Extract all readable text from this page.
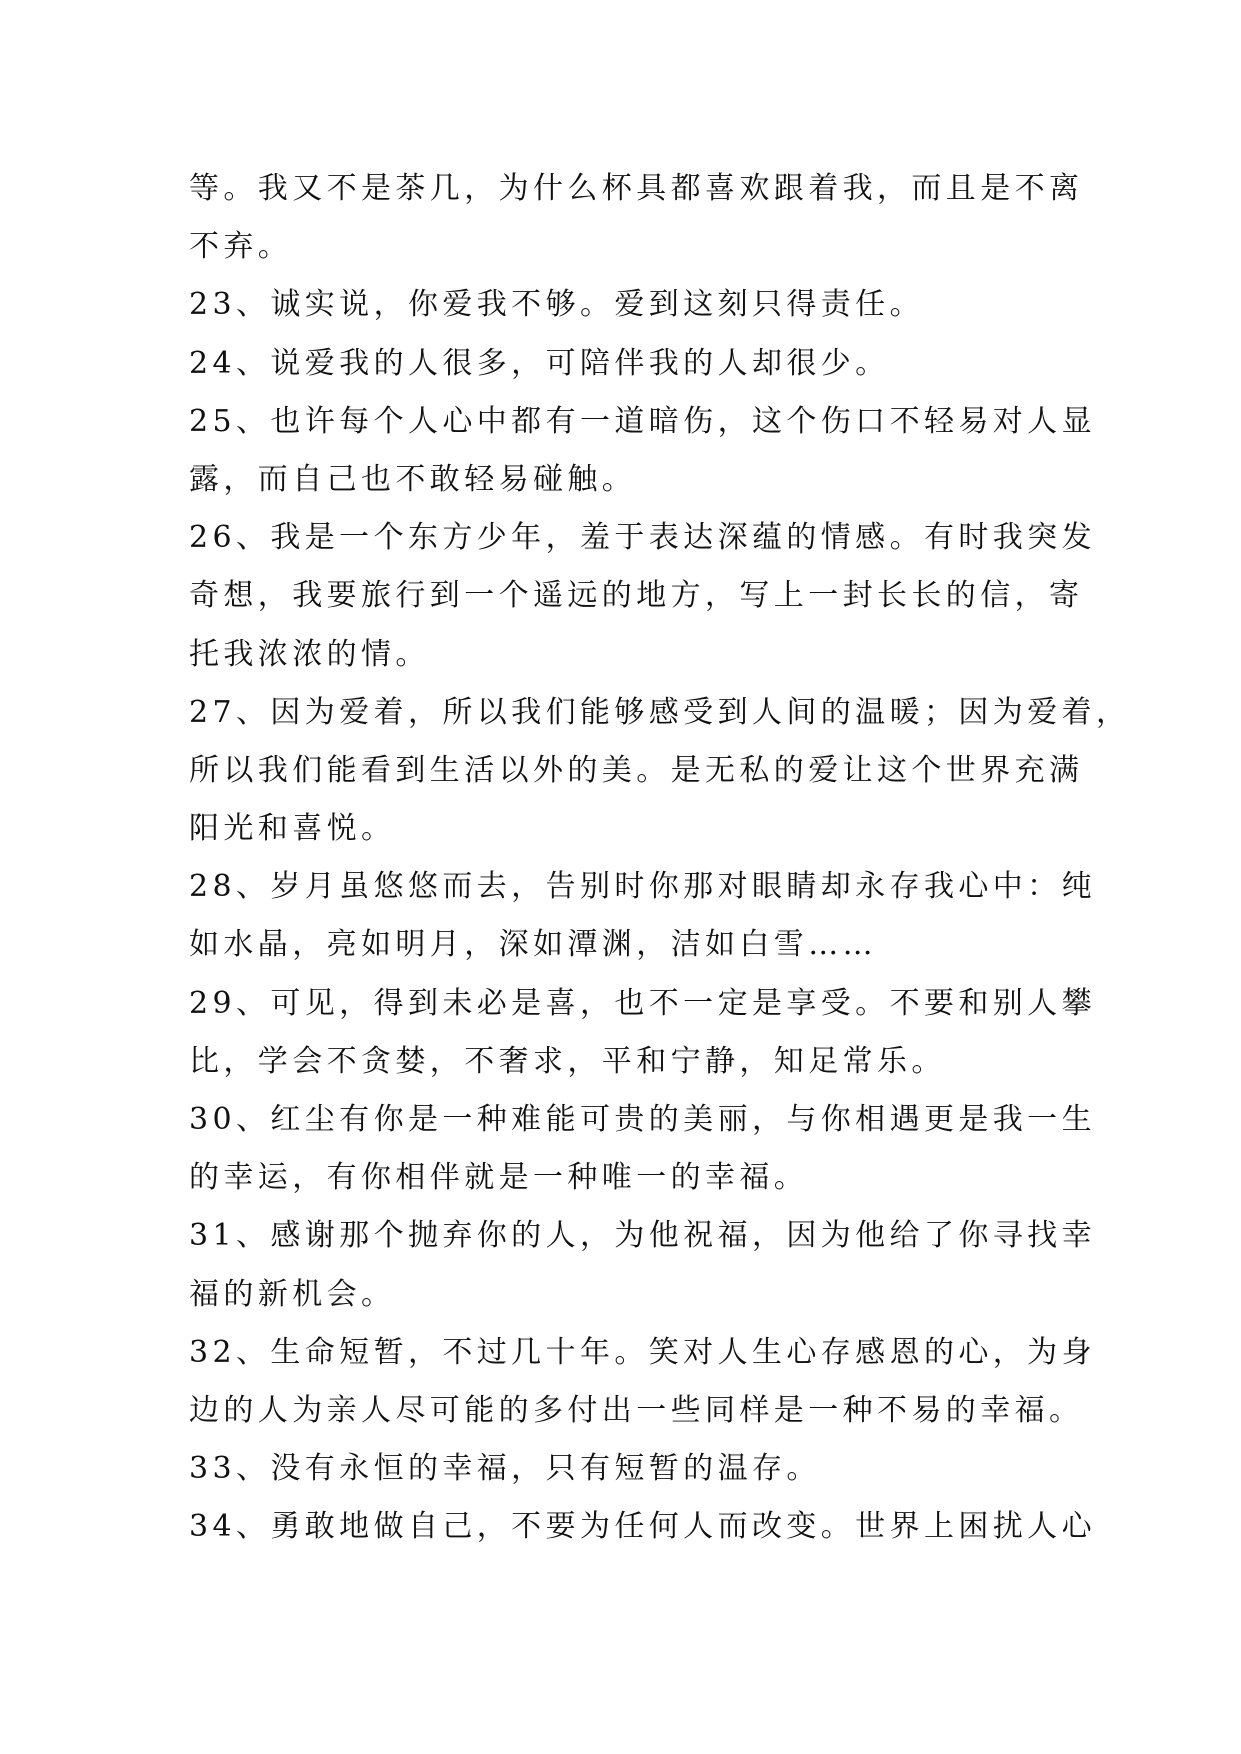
等。我又不是茶几，为什么杯具都喜欢跟着我，而且是不离
不弃。
23、诚实说，你爱我不够。爱到这刻只得责任。
24、说爱我的人很多，可陪伴我的人却很少。
25、也许每个人心中都有一道暗伤，这个伤口不轻易对人显
露，而自己也不敢轻易碰触。
26、我是一个东方少年，羞于表达深蕴的情感。有时我突发
奇想，我要旅行到一个遥远的地方，写上一封长长的信，寄
托我浓浓的情。
27、因为爱着，所以我们能够感受到人间的温暖；因为爱着，
所以我们能看到生活以外的美。是无私的爱让这个世界充满
阳光和喜悦。
28、岁月虽悠悠而去，告别时你那对眼睛却永存我心中：纯
如水晶，亮如明月，深如潭渊，洁如白雪……
29、可见，得到未必是喜，也不一定是享受。不要和别人攀
比，学会不贪婪，不奢求，平和宁静，知足常乐。
30、红尘有你是一种难能可贵的美丽，与你相遇更是我一生
的幸运，有你相伴就是一种唯一的幸福。
31、感谢那个抛弃你的人，为他祝福，因为他给了你寻找幸
福的新机会。
32、生命短暂，不过几十年。笑对人生心存感恩的心，为身
边的人为亲人尽可能的多付出一些同样是一种不易的幸福。
33、没有永恒的幸福，只有短暂的温存。
34、勇敢地做自己，不要为任何人而改变。世界上困扰人心
